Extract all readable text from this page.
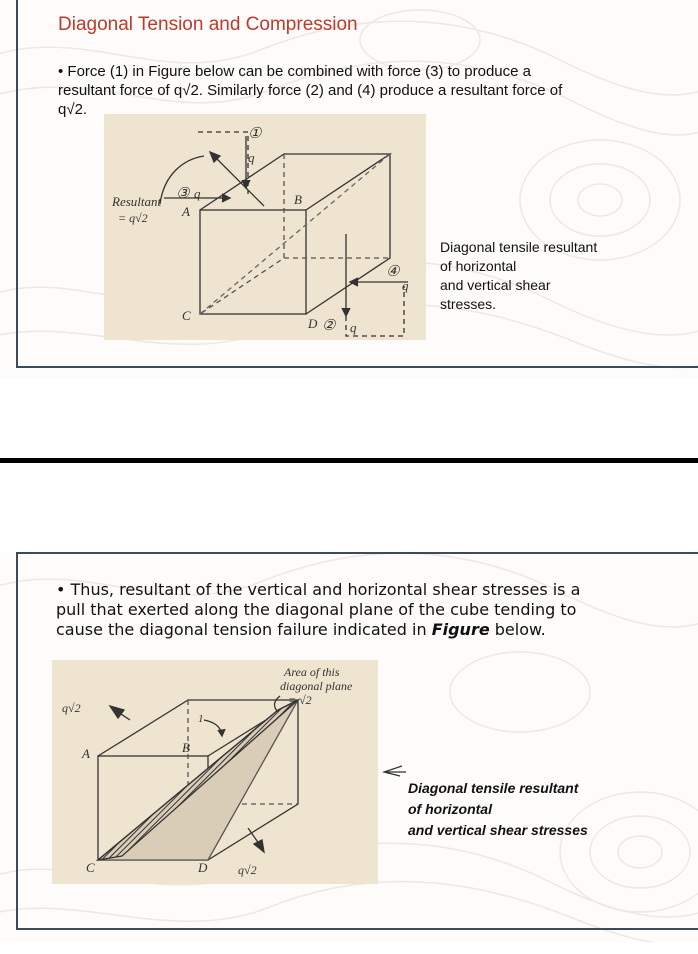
Diagonal Tension and Compression
• Force (1) in Figure below can be combined with force (3) to produce a
resultant force of q√2. Similarly force (2) and (4) produce a resultant force of
q√2.
Resultant
= q√2
③ q
①
q
A
B
C
D
④
q
② q
Diagonal tensile resultant
of horizontal
and vertical shear
stresses.
• Thus, resultant of the vertical and horizontal shear stresses is a
pull that exerted along the diagonal plane of the cube tending to
cause the diagonal tension failure indicated in Figure below.
q√2
A	B
C	D
1
q√2
Area of this
diagonal plane
= √2
Diagonal tensile resultant
of horizontal
and vertical shear stresses
